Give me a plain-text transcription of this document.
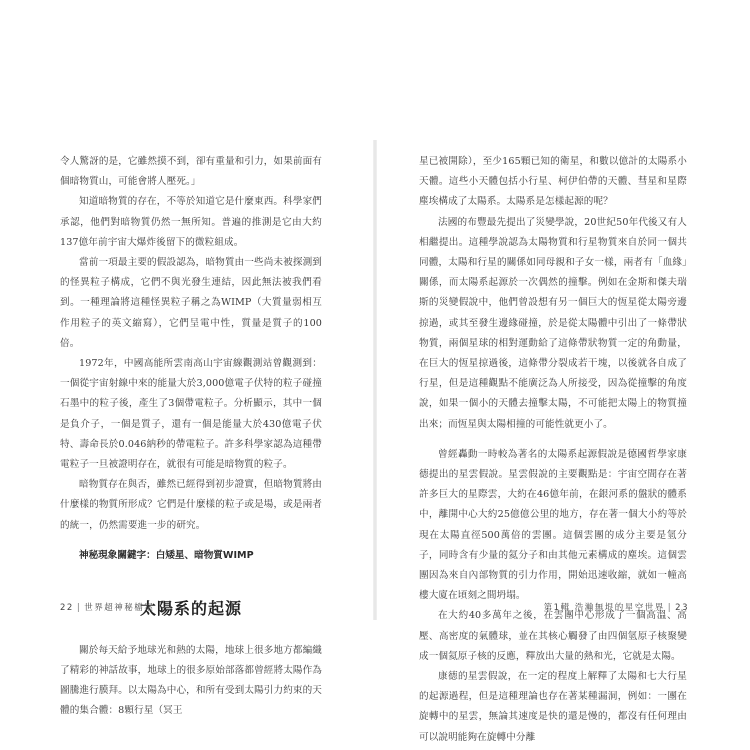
令人驚訝的是，它雖然摸不到，卻有重量和引力，如果前面有個暗物質山，可能會將人壓死。」

知道暗物質的存在，不等於知道它是什麼東西。科學家們承認，他們對暗物質仍然一無所知。普遍的推測是它由大約137億年前宇宙大爆炸後留下的微粒組成。

當前一項最主要的假設認為，暗物質由一些尚未被探測到的怪異粒子構成，它們不與光發生連結，因此無法被我們看到。一種理論將這種怪異粒子稱之為WIMP（大質量弱相互作用粒子的英文縮寫），它們呈電中性，質量是質子的100倍。

1972年，中國高能所雲南高山宇宙線觀測站曾觀測到：一個從宇宙射線中來的能量大於3,000億電子伏特的粒子碰撞石墨中的粒子後，產生了3個帶電粒子。分析顯示，其中一個是負介子，一個是質子，還有一個是能量大於430億電子伏特、壽命長於0.046納秒的帶電粒子。許多科學家認為這種帶電粒子一旦被證明存在，就很有可能是暗物質的粒子。

暗物質存在與否，雖然已經得到初步證實，但暗物質將由什麼樣的物質所形成？它們是什麼樣的粒子或是場，或是兩者的統一，仍然需要進一步的研究。

神秘現象關鍵字：白矮星、暗物質WIMP
太陽系的起源

關於每天給予地球光和熱的太陽，地球上很多地方都編織了精彩的神話故事，地球上的很多原始部落都曾經將太陽作為圖騰進行膜拜。以太陽為中心，和所有受到太陽引力約束的天體的集合體：8顆行星（冥王

22 | 世界超神秘檔案

星已被開除），至少165顆已知的衛星，和數以億計的太陽系小天體。這些小天體包括小行星、柯伊伯帶的天體、彗星和星際塵埃構成了太陽系。太陽系是怎樣起源的呢？

法國的布豐最先提出了災變學說，20世紀50年代後又有人相繼提出。這種學說認為太陽物質和行星物質來自於同一個共同體，太陽和行星的關係如同母親和子女一樣，兩者有「血緣」關係，而太陽系起源於一次偶然的撞擊。例如在金斯和傑夫瑞斯的災變假說中，他們曾設想有另一個巨大的恆星從太陽旁邊掠過，或其至發生邊緣碰撞，於是從太陽體中引出了一條帶狀物質，兩個星球的相對運動給了這條帶狀物質一定的角動量，在巨大的恆星掠過後，這條帶分裂成若干塊，以後就各自成了行星，但是這種觀點不能廣泛為人所接受，因為從撞擊的角度說，如果一個小的天體去撞擊太陽，不可能把太陽上的物質撞出來；而恆星與太陽相撞的可能性就更小了。

曾經轟動一時較為著名的太陽系起源假說是德國哲學家康德提出的星雲假說。星雲假說的主要觀點是：宇宙空間存在著許多巨大的星際雲，大約在46億年前，在銀河系的盤狀的體系中，離開中心大約25億億公里的地方，存在著一個大小約等於現在太陽直徑500萬倍的雲團。這個雲團的成分主要是氫分子，同時含有少量的氦分子和由其他元素構成的塵埃。這個雲團因為來自內部物質的引力作用，開始迅速收縮，就如一幢高樓大廈在頃刻之間坍塌。

在大約40多萬年之後，在雲團中心形成了一個高溫、高壓、高密度的氣體球，並在其核心觸發了由四個氫原子核聚變成一個氦原子核的反應，釋放出大量的熱和光，它就是太陽。

康德的星雲假說，在一定的程度上解釋了太陽和七大行星的起源過程，但是這種理論也存在著某種漏洞，例如：一團在旋轉中的星雲，無論其速度是快的還是慢的，都沒有任何理由可以說明能夠在旋轉中分離

第1輯 浩瀚無垠的星空世界 | 23
